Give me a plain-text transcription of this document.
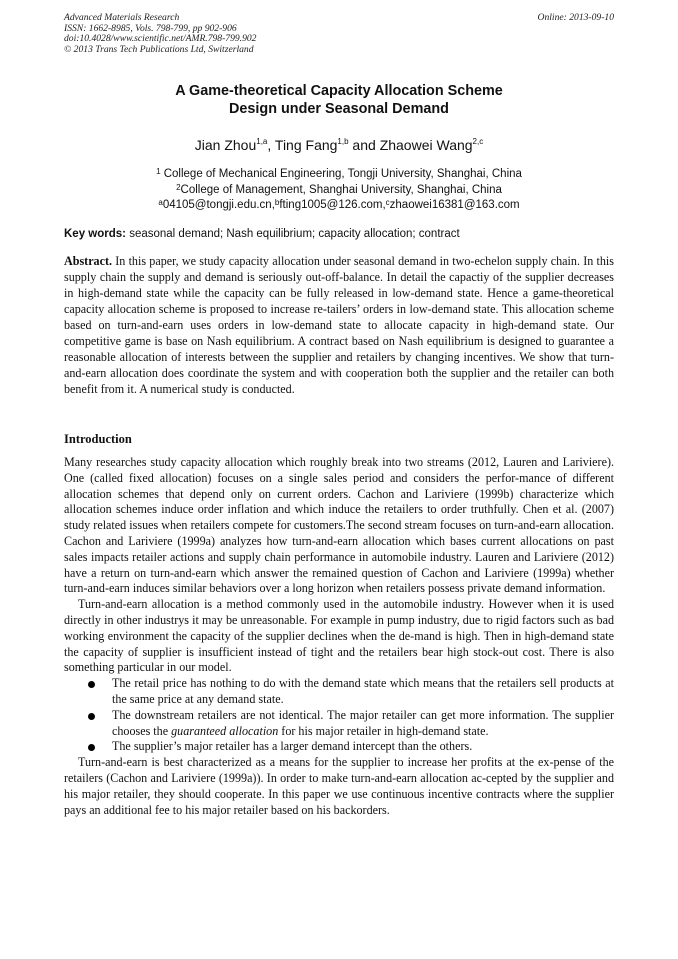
Advanced Materials Research
ISSN: 1662-8985, Vols. 798-799, pp 902-906
doi:10.4028/www.scientific.net/AMR.798-799.902
© 2013 Trans Tech Publications Ltd, Switzerland
Online: 2013-09-10
A Game-theoretical Capacity Allocation Scheme
Design under Seasonal Demand
Jian Zhou$^{1,a}$, Ting Fang$^{1,b}$ and Zhaowei Wang$^{2,c}$
$^1$ College of Mechanical Engineering, Tongji University, Shanghai, China
$^2$College of Management, Shanghai University, Shanghai, China
$^a$04105@tongji.edu.cn,$^b$fting1005@126.com,$^c$zhaowei16381@163.com
Key words: seasonal demand; Nash equilibrium; capacity allocation; contract
Abstract. In this paper, we study capacity allocation under seasonal demand in two-echelon supply chain. In this supply chain the supply and demand is seriously out-off-balance. In detail the capactiy of the supplier decreases in high-demand state while the capacity can be fully released in low-demand state. Hence a game-theoretical capacity allocation scheme is proposed to increase re-tailers’ orders in low-demand state. This allocation scheme based on turn-and-earn uses orders in low-demand state to allocate capacity in high-demand state. Our competitive game is base on Nash equilibrium. A contract based on Nash equilibrium is designed to guarantee a reasonable allocation of interests between the supplier and retailers by changing incentives. We show that turn-and-earn allocation does coordinate the system and with cooperation both the supplier and the retailer can both benefit from it. A numerical study is conducted.
Introduction

Many researches study capacity allocation which roughly break into two streams (2012, Lauren and Lariviere). One (called fixed allocation) focuses on a single sales period and considers the perfor-mance of different allocation schemes that depend only on current orders. Cachon and Lariviere (1999b) characterize which allocation schemes induce order inflation and which induce the retailers to order truthfully. Chen et al. (2007) study related issues when retailers compete for customers.The second stream focuses on turn-and-earn allocation. Cachon and Lariviere (1999a) analyzes how turn-and-earn allocation which bases current allocations on past sales impacts retailer actions and supply chain performance in automobile industry. Lauren and Lariviere (2012) have a return on turn-and-earn which answer the remained question of Cachon and Lariviere (1999a) whether turn-and-earn induces similar behaviors over a long horizon when retailers possess private demand information.

Turn-and-earn allocation is a method commonly used in the automobile industry. However when it is used directly in other industrys it may be unreasonable. For example in pump industry, due to rigid factors such as bad working environment the capacity of the supplier declines when the de-mand is high. Then in high-demand state the capacity of supplier is insufficient instead of tight and the retailers bear high stock-out cost. There is also something particular in our model.

The retail price has nothing to do with the demand state which means that the retailers sell products at the same price at any demand state.
The downstream retailers are not identical. The major retailer can get more information. The supplier chooses the guaranteed allocation for his major retailer in high-demand state.
The supplier’s major retailer has a larger demand intercept than the others.

Turn-and-earn is best characterized as a means for the supplier to increase her profits at the ex-pense of the retailers (Cachon and Lariviere (1999a)). In order to make turn-and-earn allocation ac-cepted by the supplier and his major retailer, they should cooperate. In this paper we use continuous incentive contracts where the supplier pays an additional fee to his major retailer based on his backorders.
